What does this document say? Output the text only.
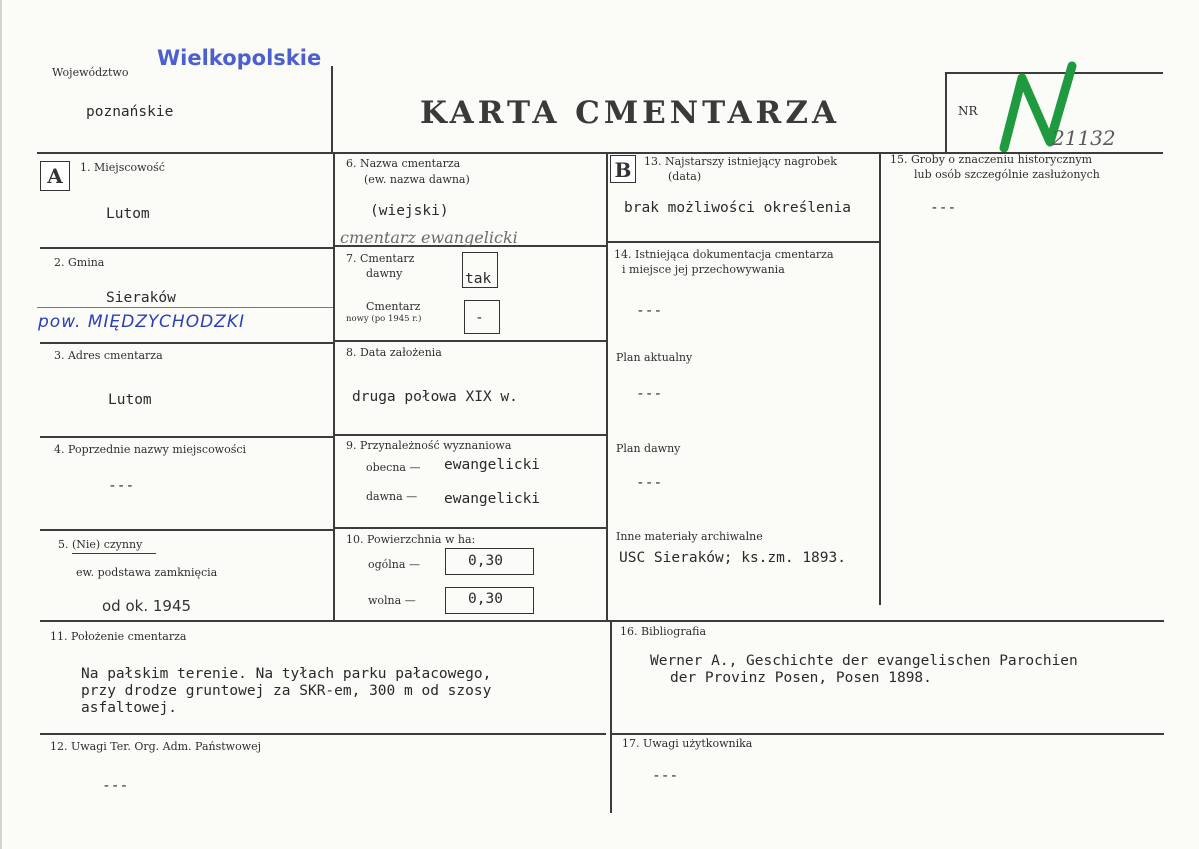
Województwo
Wielkopolskie
poznańskie	KARTA CMENTARZA	NR
21132
A	1. Miejscowość
Lutom
2. Gmina
Sieraków
pow. MIĘDZYCHODZKI
3. Adres cmentarza
Lutom
4. Poprzednie nazwy miejscowości
---
5. (Nie) czynny
ew. podstawa zamknięcia
od ok. 1945
6. Nazwa cmentarza
(ew. nazwa dawna)
(wiejski)
cmentarz ewangelicki
7. Cmentarz
dawny	tak
Cmentarz
nowy (po 1945 r.)	-
8. Data założenia
druga połowa XIX w.
9. Przynależność wyznaniowa
obecna — ewangelicki
dawna — ewangelicki
10. Powierzchnia w ha:
ogólna —	0,30
wolna —	0,30
B	13. Najstarszy istniejący nagrobek
(data)
brak możliwości określenia
14. Istniejąca dokumentacja cmentarza
i miejsce jej przechowywania
---
Plan aktualny
---
Plan dawny
---
Inne materiały archiwalne
USC Sieraków; ks.zm. 1893.
15. Groby o znaczeniu historycznym
lub osób szczególnie zasłużonych
---
11. Położenie cmentarza
Na pałskim terenie. Na tyłach parku pałacowego,
przy drodze gruntowej za SKR-em, 300 m od szosy
asfaltowej.
12. Uwagi Ter. Org. Adm. Państwowej
---
16. Bibliografia
Werner A., Geschichte der evangelischen Parochien
der Provinz Posen, Posen 1898.
17. Uwagi użytkownika
---
